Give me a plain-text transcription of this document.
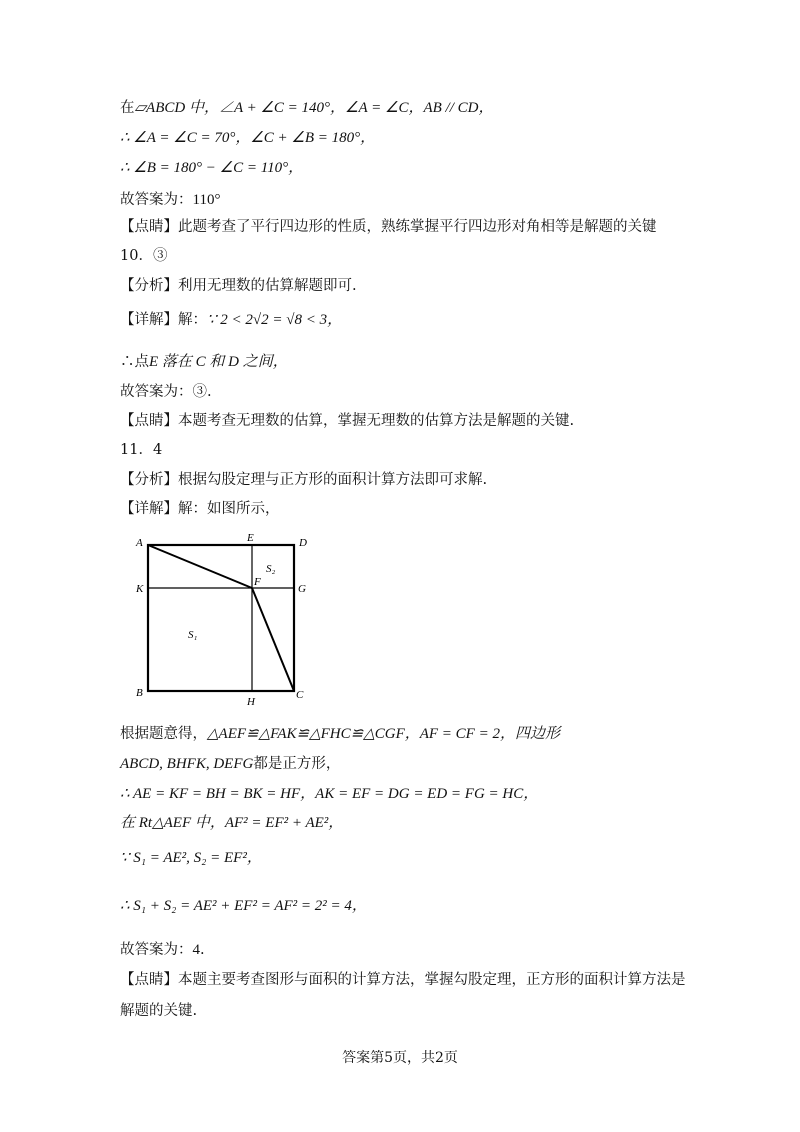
在▱ABCD 中，∠A + ∠C = 140°，∠A = ∠C，AB // CD，
∴ ∠A = ∠C = 70°，∠C + ∠B = 180°，
∴ ∠B = 180° − ∠C = 110°，
故答案为：110°
【点睛】此题考查了平行四边形的性质，熟练掌握平行四边形对角相等是解题的关键
10．③
【分析】利用无理数的估算解题即可.
【详解】解：∵ 2 < 2√2 = √8 < 3，
∴点E 落在 C 和 D 之间，
故答案为：③.
【点睛】本题考查无理数的估算，掌握无理数的估算方法是解题的关键.
11．4
【分析】根据勾股定理与正方形的面积计算方法即可求解.
【详解】解：如图所示，
A	E	D
K
F
G
B
H
C
S₁
S₂
根据题意得，△AEF≌△FAK≌△FHC≌△CGF，AF = CF = 2，四边形
ABCD, BHFK, DEFG都是正方形，
∴ AE = KF = BH = BK = HF，AK = EF = DG = ED = FG = HC，
在 Rt△AEF 中，AF² = EF² + AE²，
∵ S₁ = AE², S₂ = EF²，
∴ S₁ + S₂ = AE² + EF² = AF² = 2² = 4，
故答案为：4.
【点睛】本题主要考查图形与面积的计算方法，掌握勾股定理，正方形的面积计算方法是
解题的关键.
答案第5页，共2页
